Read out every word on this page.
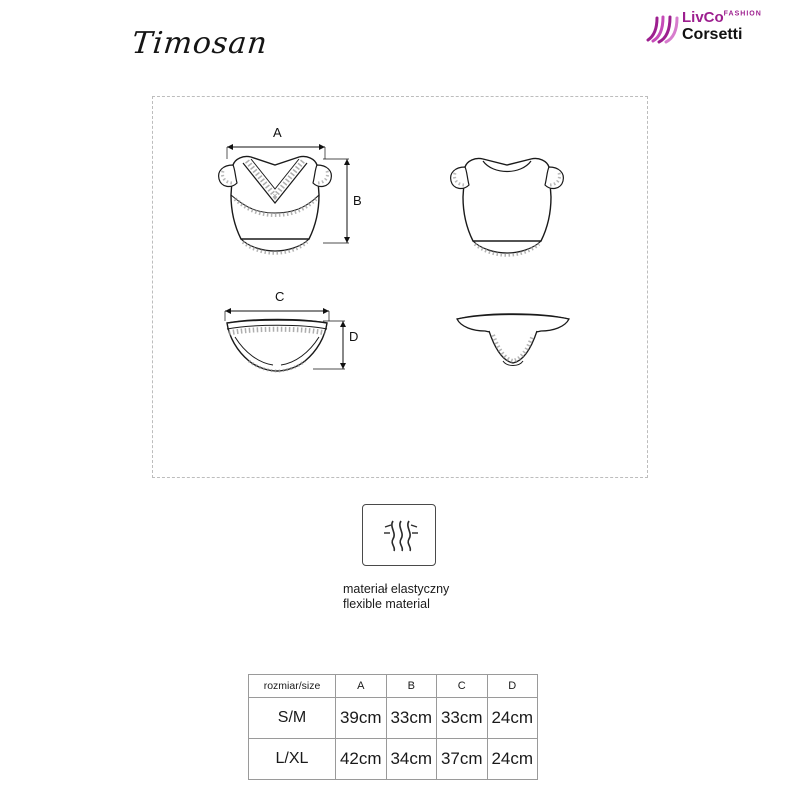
Timosan
LivCo$^{FASHION}$
Corsetti
A
B
C
D
materiał elastyczny
flexible material
rozmiar/size	A	B	C	D
S/M	39cm	33cm	33cm	24cm
L/XL	42cm	34cm	37cm	24cm
